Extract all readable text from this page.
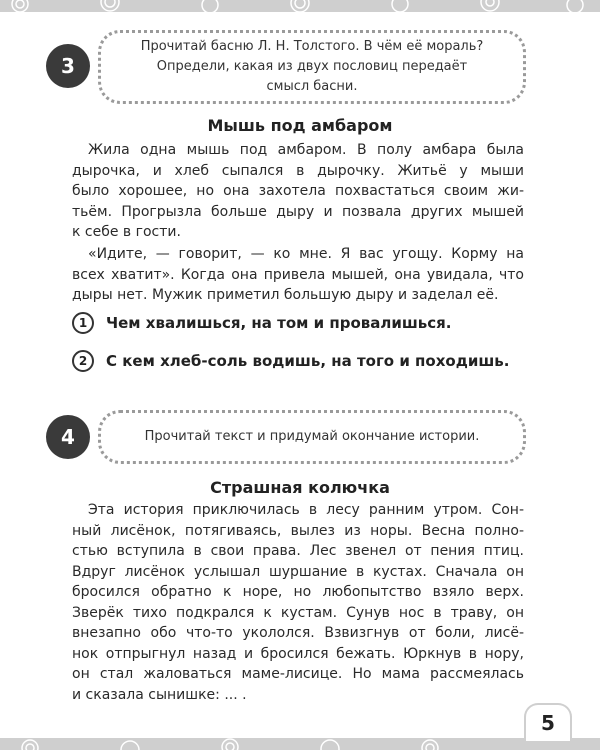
3
Прочитай басню Л. Н. Толстого. В чём её мораль?
Определи, какая из двух пословиц передаёт
смысл басни.
Мышь под амбаром
Жила одна мышь под амбаром. В полу амбара была
дырочка, и хлеб сыпался в дырочку. Житьё у мыши
было хорошее, но она захотела похвастаться своим жи-
тьём. Прогрызла больше дыру и позвала других мышей
к себе в гости.
«Идите, — говорит, — ко мне. Я вас угощу. Корму на
всех хватит». Когда она привела мышей, она увидала, что
дыры нет. Мужик приметил большую дыру и заделал её.
1	Чем хвалишься, на том и провалишься.
2	С кем хлеб-соль водишь, на того и походишь.
4	Прочитай текст и придумай окончание истории.
Страшная колючка
Эта история приключилась в лесу ранним утром. Сон-
ный лисёнок, потягиваясь, вылез из норы. Весна полно-
стью вступила в свои права. Лес звенел от пения птиц.
Вдруг лисёнок услышал шуршание в кустах. Сначала он
бросился обратно к норе, но любопытство взяло верх.
Зверёк тихо подкрался к кустам. Сунув нос в траву, он
внезапно обо что-то укололся. Взвизгнув от боли, лисё-
нок отпрыгнул назад и бросился бежать. Юркнув в нору,
он стал жаловаться маме-лисице. Но мама рассмеялась
и сказала сынишке: ... .
5
